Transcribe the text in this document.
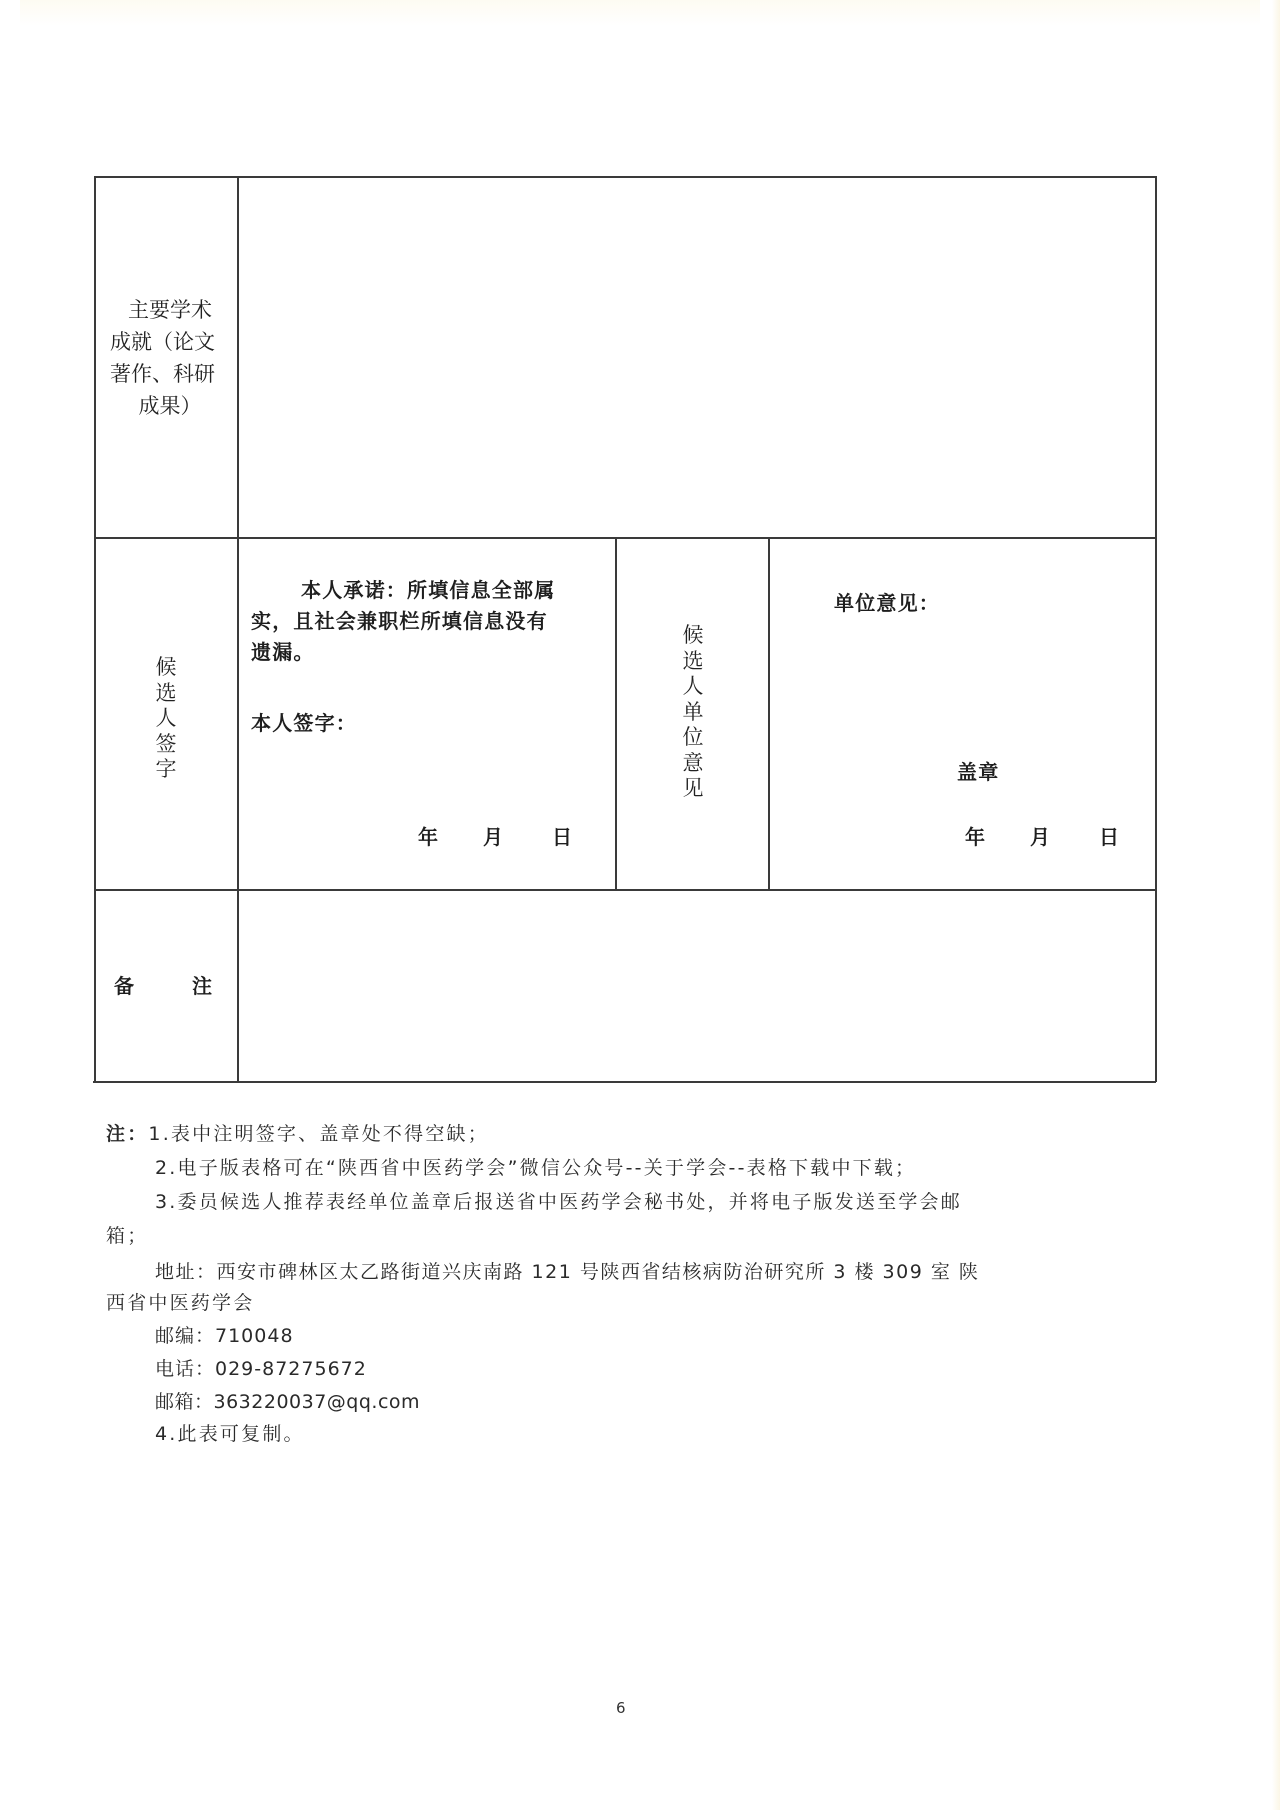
主要学术
成就（论文
著作、科研
成果）
候选人签字
本人承诺：所填信息全部属
实，且社会兼职栏所填信息没有
遗漏。
本人签字：
年 月 日
候选人单位意见
单位意见：
盖章
年 月 日
备	注
注：1.表中注明签字、盖章处不得空缺；
2.电子版表格可在“陕西省中医药学会”微信公众号--关于学会--表格下载中下载；
3.委员候选人推荐表经单位盖章后报送省中医药学会秘书处，并将电子版发送至学会邮
箱；
地址：西安市碑林区太乙路街道兴庆南路 121 号陕西省结核病防治研究所 3 楼 309 室 陕
西省中医药学会
邮编：710048
电话：029-87275672
邮箱：363220037@qq.com
4.此表可复制。
6
